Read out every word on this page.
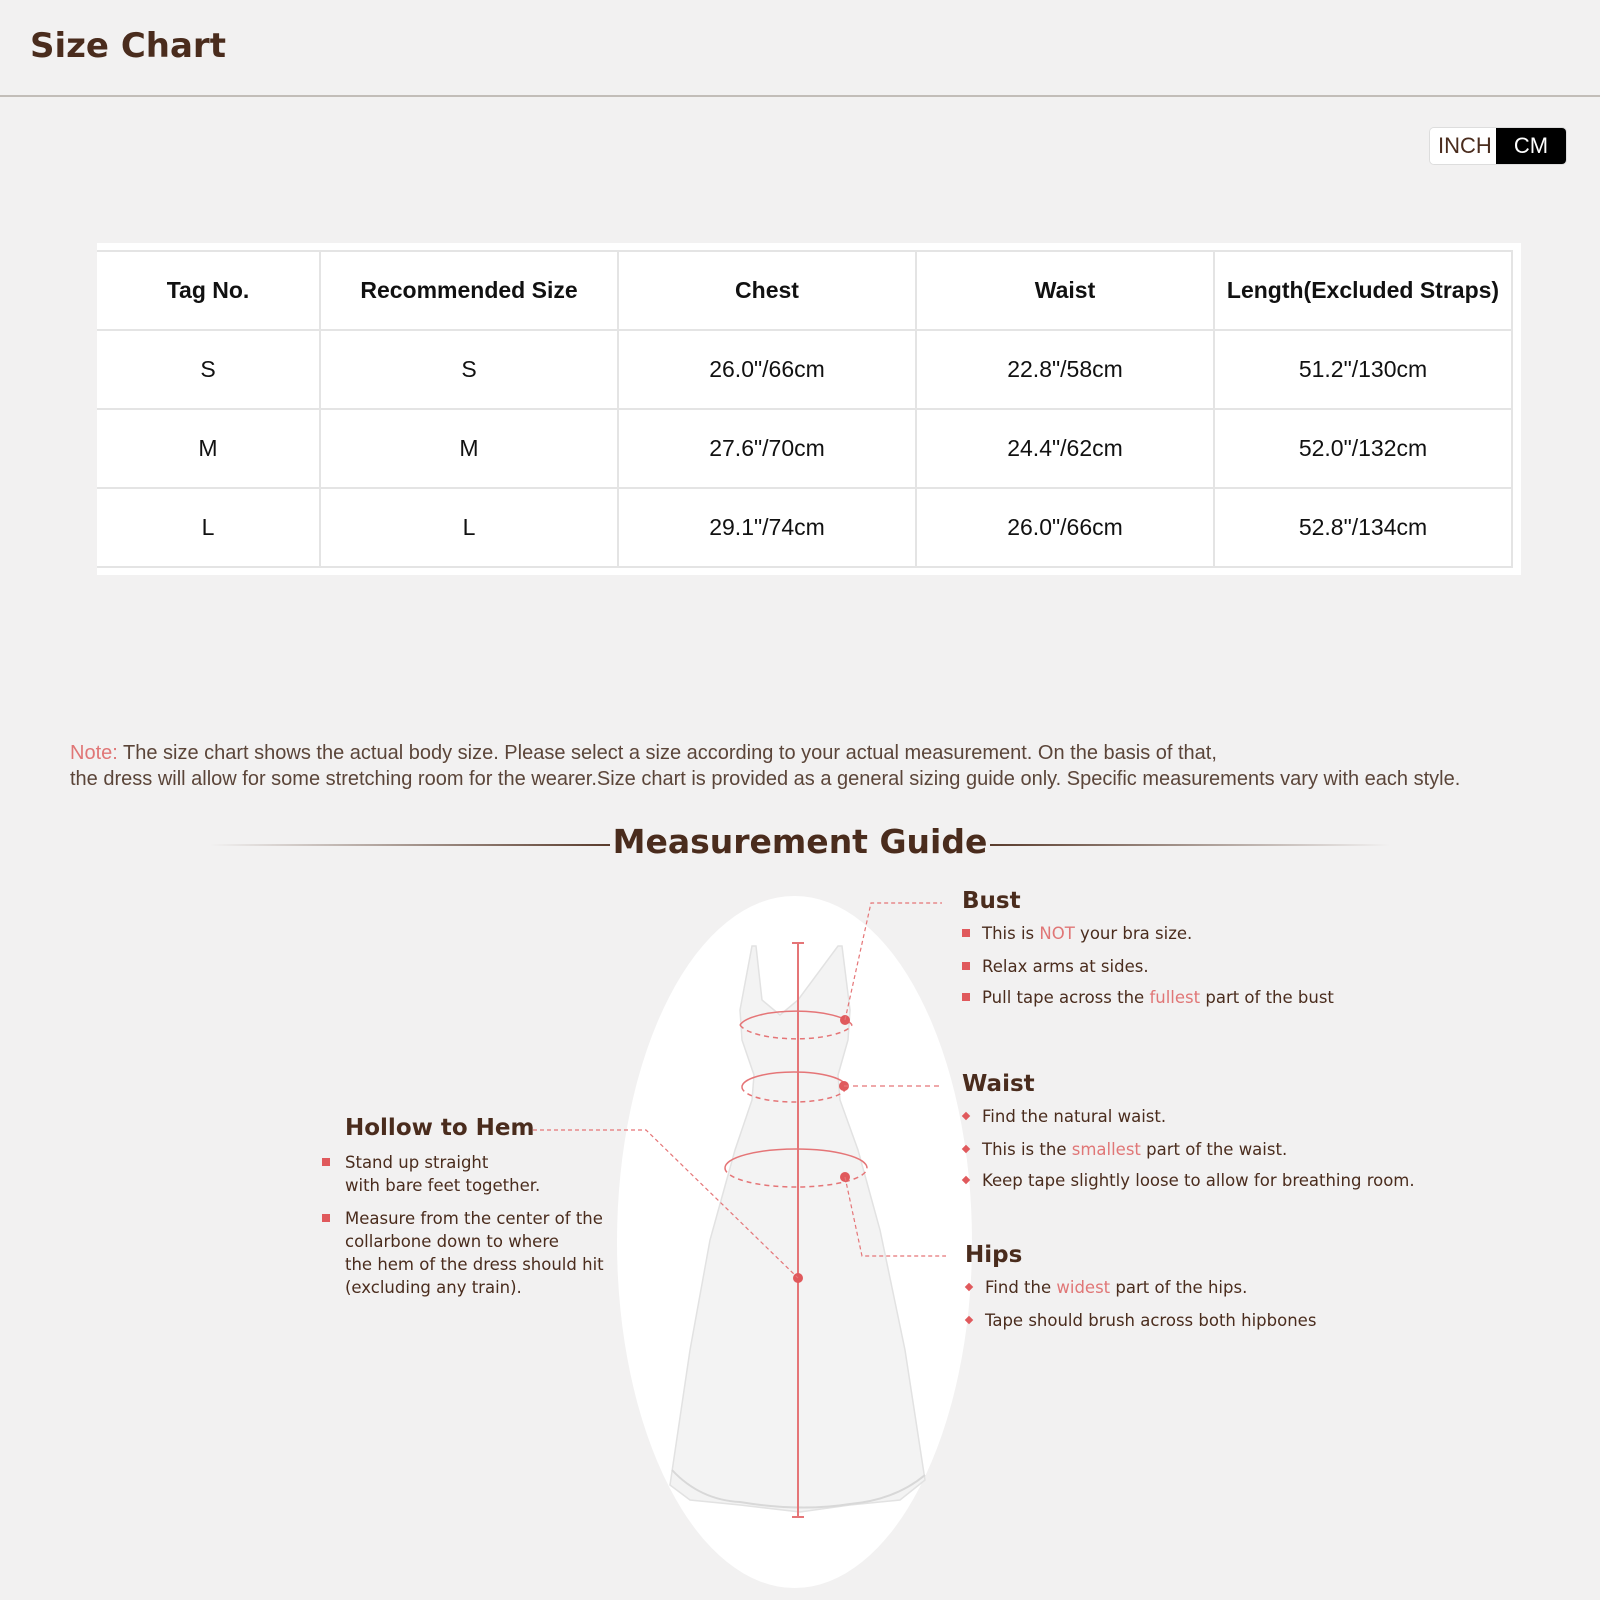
Size Chart
INCH	CM
Tag No.	Recommended Size	Chest	Waist	Length(Excluded Straps)
S	S	26.0"/66cm	22.8"/58cm	51.2"/130cm
M	M	27.6"/70cm	24.4"/62cm	52.0"/132cm
L	L	29.1"/74cm	26.0"/66cm	52.8"/134cm
Note: The size chart shows the actual body size. Please select a size according to your actual measurement. On the basis of that,
the dress will allow for some stretching room for the wearer.Size chart is provided as a general sizing guide only. Specific measurements vary with each style.
Measurement Guide
Bust
This is NOT your bra size.
Relax arms at sides.
Pull tape across the fullest part of the bust
Waist
Find the natural waist.
This is the smallest part of the waist.
Keep tape slightly loose to allow for breathing room.
Hips
Find the widest part of the hips.
Tape should brush across both hipbones
Hollow to Hem
Stand up straight
with bare feet together.
Measure from the center of the
collarbone down to where
the hem of the dress should hit
(excluding any train).
